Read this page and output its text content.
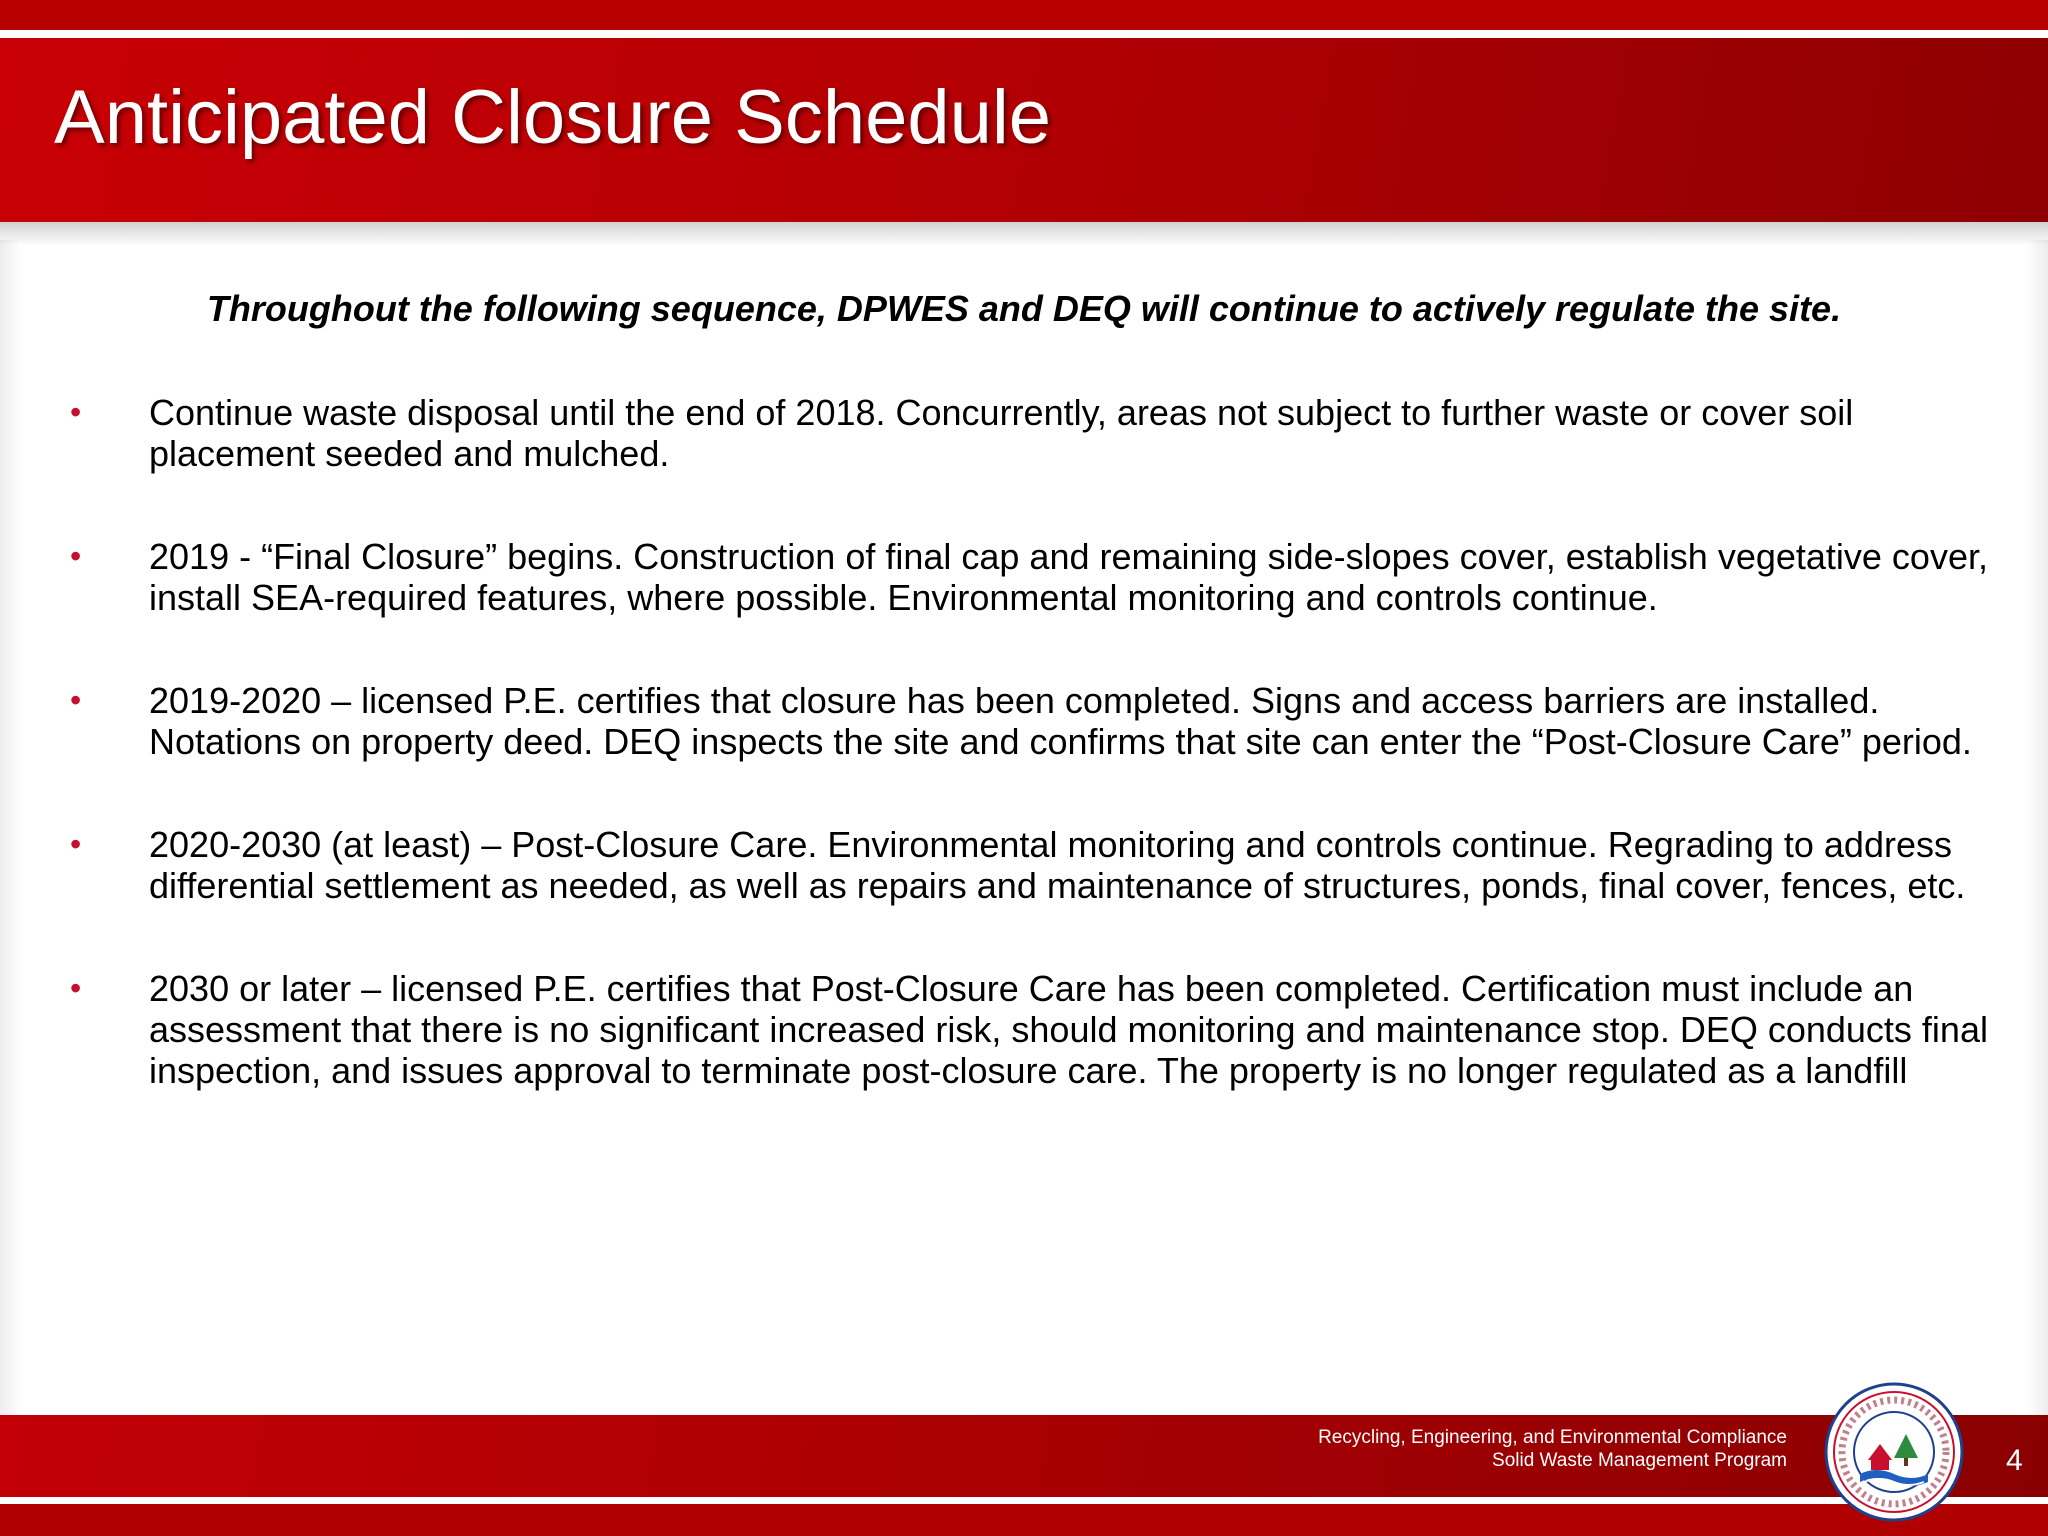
Anticipated Closure Schedule
Throughout the following sequence, DPWES and DEQ will continue to actively regulate the site.
• Continue waste disposal until the end of 2018. Concurrently, areas not subject to further waste or cover soil placement seeded and mulched.
• 2019 - “Final Closure” begins. Construction of final cap and remaining side-slopes cover, establish vegetative cover, install SEA-required features, where possible. Environmental monitoring and controls continue.
• 2019-2020 – licensed P.E. certifies that closure has been completed. Signs and access barriers are installed. Notations on property deed. DEQ inspects the site and confirms that site can enter the “Post-Closure Care” period.
• 2020-2030 (at least) – Post-Closure Care. Environmental monitoring and controls continue. Regrading to address differential settlement as needed, as well as repairs and maintenance of structures, ponds, final cover, fences, etc.
• 2030 or later – licensed P.E. certifies that Post-Closure Care has been completed. Certification must include an assessment that there is no significant increased risk, should monitoring and maintenance stop. DEQ conducts final inspection, and issues approval to terminate post-closure care. The property is no longer regulated as a landfill
Recycling, Engineering, and Environmental Compliance
Solid Waste Management Program	4
